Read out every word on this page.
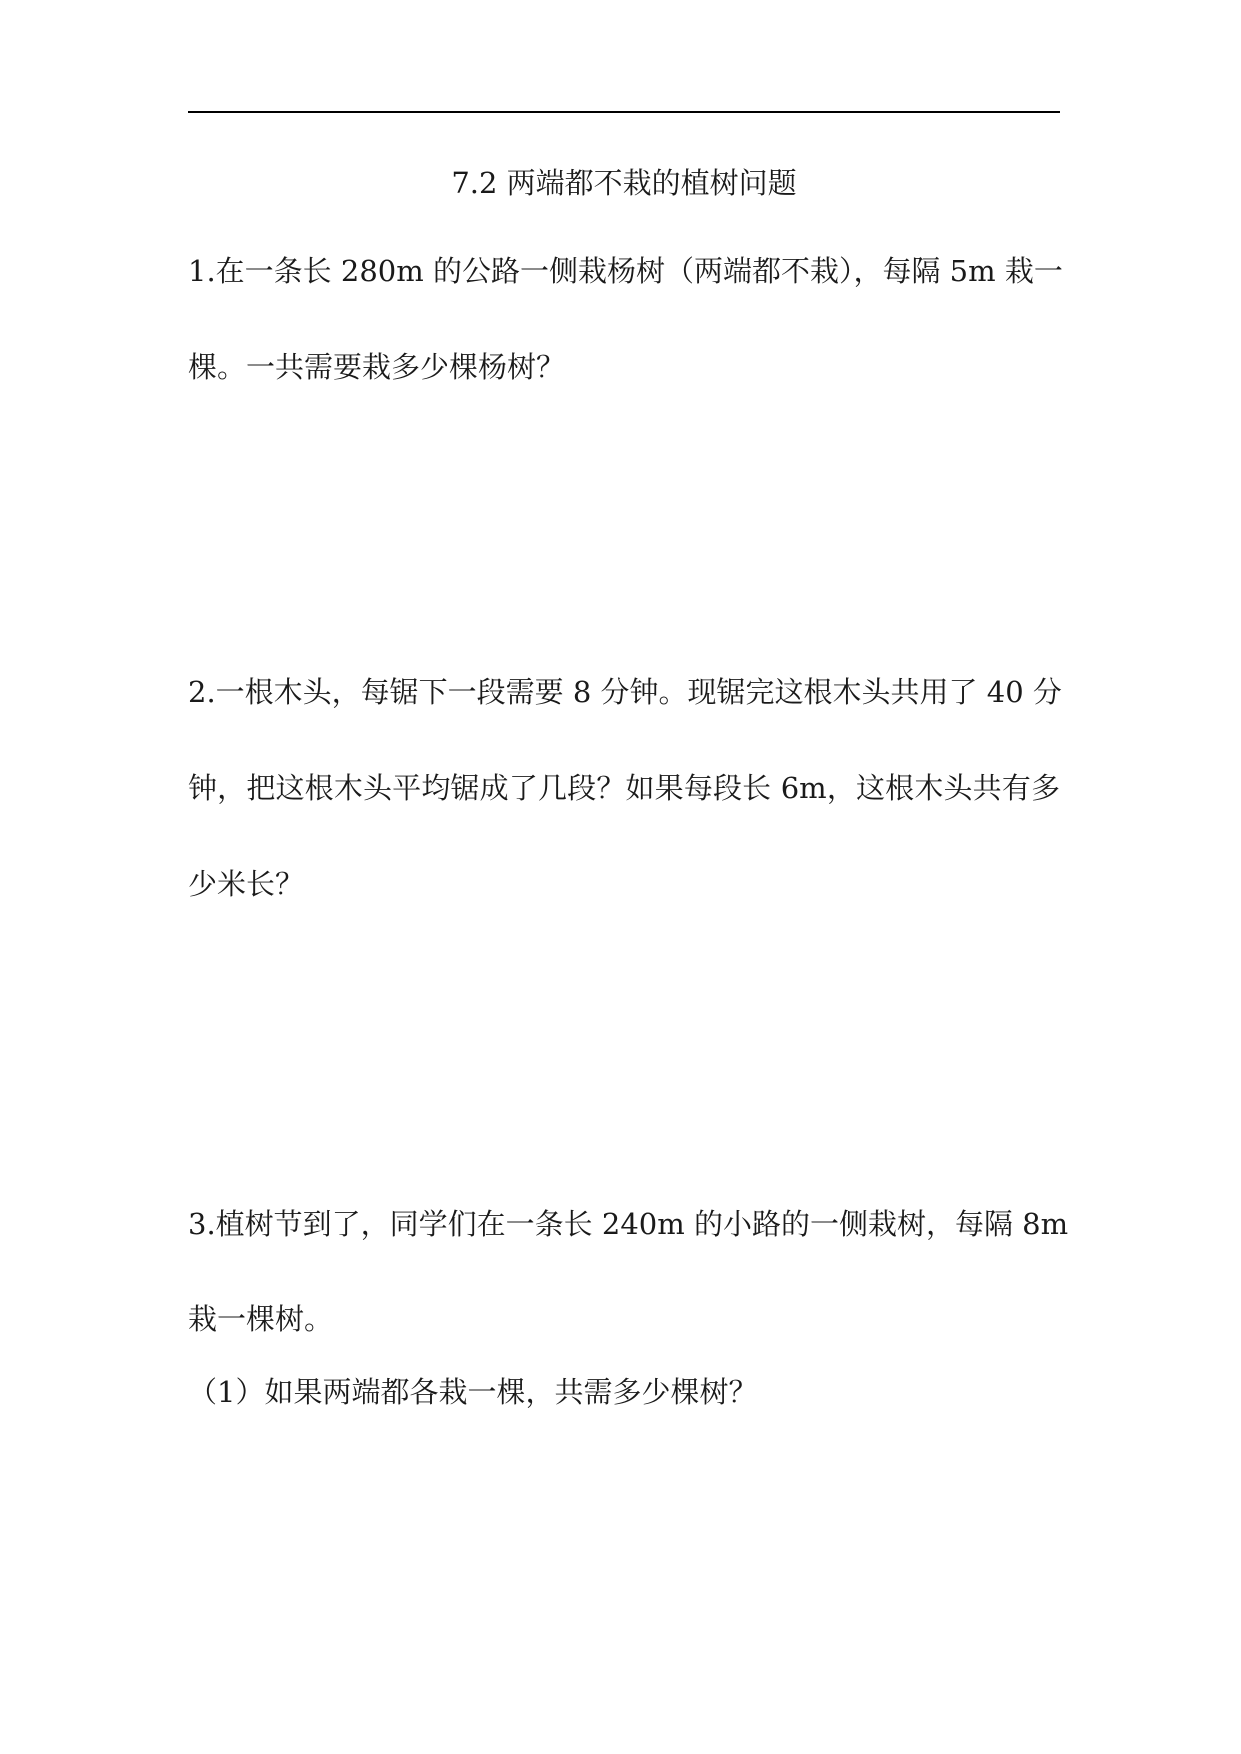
7.2 两端都不栽的植树问题
1.在一条长 280m 的公路一侧栽杨树（两端都不栽），每隔 5m 栽一
棵。一共需要栽多少棵杨树？
2.一根木头，每锯下一段需要 8 分钟。现锯完这根木头共用了 40 分
钟，把这根木头平均锯成了几段？如果每段长 6m，这根木头共有多
少米长？
3.植树节到了，同学们在一条长 240m 的小路的一侧栽树，每隔 8m
栽一棵树。
（1）如果两端都各栽一棵，共需多少棵树？
